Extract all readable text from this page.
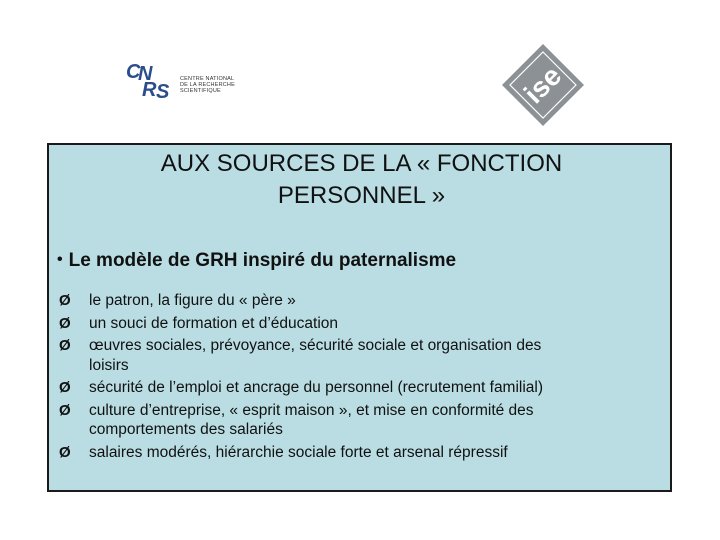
C
N
R S
CENTRE NATIONAL
DE LA RECHERCHE
SCIENTIFIQUE	ise
AUX SOURCES DE LA « FONCTION
PERSONNEL »
• Le modèle de GRH inspiré du paternalisme
Ø le patron, la figure du « père »
Ø un souci de formation et d’éducation
Ø œuvres sociales, prévoyance, sécurité sociale et organisation des
loisirs
Ø sécurité de l’emploi et ancrage du personnel (recrutement familial)
Ø culture d’entreprise, « esprit maison », et mise en conformité des
comportements des salariés
Ø salaires modérés, hiérarchie sociale forte et arsenal répressif
